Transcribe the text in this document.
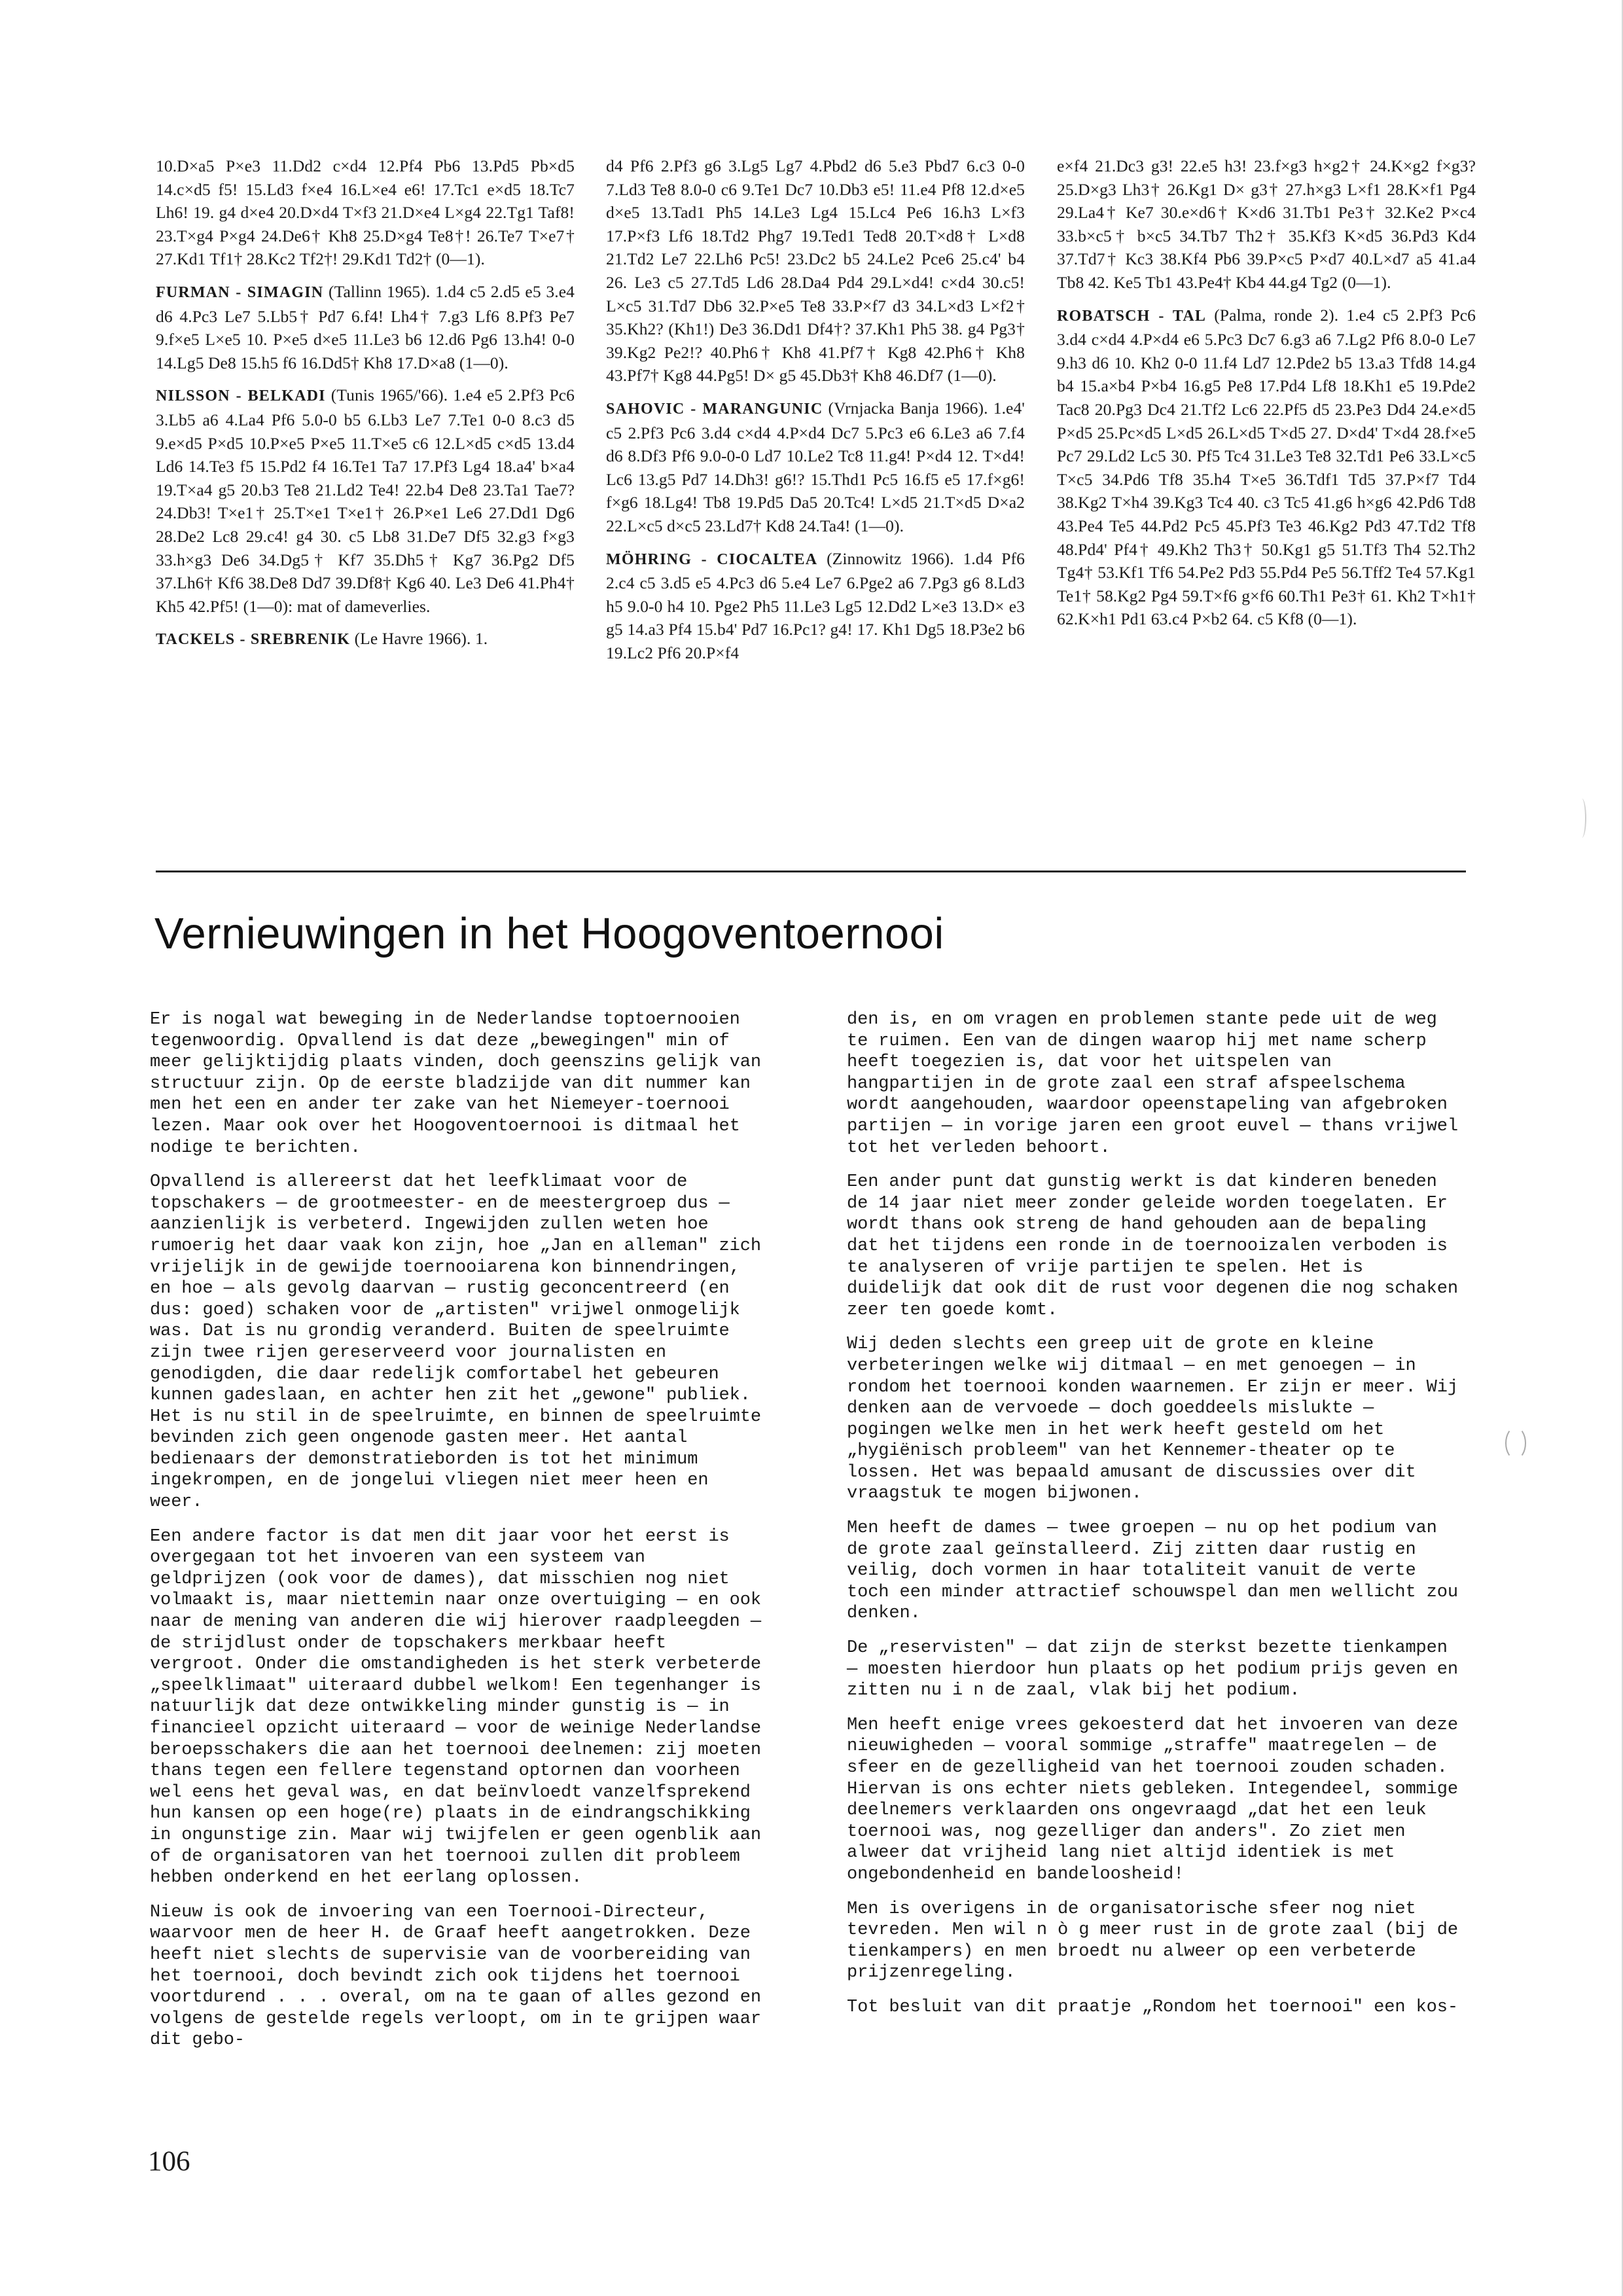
10.D×a5 P×e3 11.Dd2 c×d4 12.Pf4 Pb6 13.Pd5 Pb×d5 14.c×d5 f5! 15.Ld3 f×e4 16.L×e4 e6! 17.Tc1 e×d5 18.Tc7 Lh6! 19. g4 d×e4 20.D×d4 T×f3 21.D×e4 L×g4 22.Tg1 Taf8! 23.T×g4 P×g4 24.De6† Kh8 25.D×g4 Te8†! 26.Te7 T×e7† 27.Kd1 Tf1† 28.Kc2 Tf2†! 29.Kd1 Td2† (0—1).

FURMAN - SIMAGIN (Tallinn 1965). 1.d4 c5 2.d5 e5 3.e4 d6 4.Pc3 Le7 5.Lb5† Pd7 6.f4! Lh4† 7.g3 Lf6 8.Pf3 Pe7 9.f×e5 L×e5 10. P×e5 d×e5 11.Le3 b6 12.d6 Pg6 13.h4! 0-0 14.Lg5 De8 15.h5 f6 16.Dd5† Kh8 17.D×a8 (1—0).

NILSSON - BELKADI (Tunis 1965/'66). 1.e4 e5 2.Pf3 Pc6 3.Lb5 a6 4.La4 Pf6 5.0-0 b5 6.Lb3 Le7 7.Te1 0-0 8.c3 d5 9.e×d5 P×d5 10.P×e5 P×e5 11.T×e5 c6 12.L×d5 c×d5 13.d4 Ld6 14.Te3 f5 15.Pd2 f4 16.Te1 Ta7 17.Pf3 Lg4 18.a4' b×a4 19.T×a4 g5 20.b3 Te8 21.Ld2 Te4! 22.b4 De8 23.Ta1 Tae7? 24.Db3! T×e1† 25.T×e1 T×e1† 26.P×e1 Le6 27.Dd1 Dg6 28.De2 Lc8 29.c4! g4 30. c5 Lb8 31.De7 Df5 32.g3 f×g3 33.h×g3 De6 34.Dg5† Kf7 35.Dh5† Kg7 36.Pg2 Df5 37.Lh6† Kf6 38.De8 Dd7 39.Df8† Kg6 40. Le3 De6 41.Ph4† Kh5 42.Pf5! (1—0): mat of dameverlies.

TACKELS - SREBRENIK (Le Havre 1966). 1.

d4 Pf6 2.Pf3 g6 3.Lg5 Lg7 4.Pbd2 d6 5.e3 Pbd7 6.c3 0-0 7.Ld3 Te8 8.0-0 c6 9.Te1 Dc7 10.Db3 e5! 11.e4 Pf8 12.d×e5 d×e5 13.Tad1 Ph5 14.Le3 Lg4 15.Lc4 Pe6 16.h3 L×f3 17.P×f3 Lf6 18.Td2 Phg7 19.Ted1 Ted8 20.T×d8† L×d8 21.Td2 Le7 22.Lh6 Pc5! 23.Dc2 b5 24.Le2 Pce6 25.c4' b4 26. Le3 c5 27.Td5 Ld6 28.Da4 Pd4 29.L×d4! c×d4 30.c5! L×c5 31.Td7 Db6 32.P×e5 Te8 33.P×f7 d3 34.L×d3 L×f2† 35.Kh2? (Kh1!) De3 36.Dd1 Df4†? 37.Kh1 Ph5 38. g4 Pg3† 39.Kg2 Pe2!? 40.Ph6† Kh8 41.Pf7† Kg8 42.Ph6† Kh8 43.Pf7† Kg8 44.Pg5! D× g5 45.Db3† Kh8 46.Df7 (1—0).

SAHOVIC - MARANGUNIC (Vrnjacka Banja 1966). 1.e4' c5 2.Pf3 Pc6 3.d4 c×d4 4.P×d4 Dc7 5.Pc3 e6 6.Le3 a6 7.f4 d6 8.Df3 Pf6 9.0-0-0 Ld7 10.Le2 Tc8 11.g4! P×d4 12. T×d4! Lc6 13.g5 Pd7 14.Dh3! g6!? 15.Thd1 Pc5 16.f5 e5 17.f×g6! f×g6 18.Lg4! Tb8 19.Pd5 Da5 20.Tc4! L×d5 21.T×d5 D×a2 22.L×c5 d×c5 23.Ld7† Kd8 24.Ta4! (1—0).

MÖHRING - CIOCALTEA (Zinnowitz 1966). 1.d4 Pf6 2.c4 c5 3.d5 e5 4.Pc3 d6 5.e4 Le7 6.Pge2 a6 7.Pg3 g6 8.Ld3 h5 9.0-0 h4 10. Pge2 Ph5 11.Le3 Lg5 12.Dd2 L×e3 13.D× e3 g5 14.a3 Pf4 15.b4' Pd7 16.Pc1? g4! 17. Kh1 Dg5 18.P3e2 b6 19.Lc2 Pf6 20.P×f4

e×f4 21.Dc3 g3! 22.e5 h3! 23.f×g3 h×g2† 24.K×g2 f×g3? 25.D×g3 Lh3† 26.Kg1 D× g3† 27.h×g3 L×f1 28.K×f1 Pg4 29.La4† Ke7 30.e×d6† K×d6 31.Tb1 Pe3† 32.Ke2 P×c4 33.b×c5† b×c5 34.Tb7 Th2† 35.Kf3 K×d5 36.Pd3 Kd4 37.Td7† Kc3 38.Kf4 Pb6 39.P×c5 P×d7 40.L×d7 a5 41.a4 Tb8 42. Ke5 Tb1 43.Pe4† Kb4 44.g4 Tg2 (0—1).

ROBATSCH - TAL (Palma, ronde 2). 1.e4 c5 2.Pf3 Pc6 3.d4 c×d4 4.P×d4 e6 5.Pc3 Dc7 6.g3 a6 7.Lg2 Pf6 8.0-0 Le7 9.h3 d6 10. Kh2 0-0 11.f4 Ld7 12.Pde2 b5 13.a3 Tfd8 14.g4 b4 15.a×b4 P×b4 16.g5 Pe8 17.Pd4 Lf8 18.Kh1 e5 19.Pde2 Tac8 20.Pg3 Dc4 21.Tf2 Lc6 22.Pf5 d5 23.Pe3 Dd4 24.e×d5 P×d5 25.Pc×d5 L×d5 26.L×d5 T×d5 27. D×d4' T×d4 28.f×e5 Pc7 29.Ld2 Lc5 30. Pf5 Tc4 31.Le3 Te8 32.Td1 Pe6 33.L×c5 T×c5 34.Pd6 Tf8 35.h4 T×e5 36.Tdf1 Td5 37.P×f7 Td4 38.Kg2 T×h4 39.Kg3 Tc4 40. c3 Tc5 41.g6 h×g6 42.Pd6 Td8 43.Pe4 Te5 44.Pd2 Pc5 45.Pf3 Te3 46.Kg2 Pd3 47.Td2 Tf8 48.Pd4' Pf4† 49.Kh2 Th3† 50.Kg1 g5 51.Tf3 Th4 52.Th2 Tg4† 53.Kf1 Tf6 54.Pe2 Pd3 55.Pd4 Pe5 56.Tff2 Te4 57.Kg1 Te1† 58.Kg2 Pg4 59.T×f6 g×f6 60.Th1 Pe3† 61. Kh2 T×h1† 62.K×h1 Pd1 63.c4 P×b2 64. c5 Kf8 (0—1).

Vernieuwingen in het Hoogoventoernooi

Er is nogal wat beweging in de Nederlandse toptoernooien tegenwoordig. Opvallend is dat deze „bewegingen" min of meer gelijktijdig plaats vinden, doch geenszins gelijk van structuur zijn. Op de eerste bladzijde van dit nummer kan men het een en ander ter zake van het Niemeyer-toernooi lezen. Maar ook over het Hoogoventoernooi is ditmaal het nodige te berichten.

Opvallend is allereerst dat het leefklimaat voor de topschakers — de grootmeester- en de meestergroep dus — aanzienlijk is verbeterd. Ingewijden zullen weten hoe rumoerig het daar vaak kon zijn, hoe „Jan en alleman" zich vrijelijk in de gewijde toernooiarena kon binnendringen, en hoe — als gevolg daarvan — rustig geconcentreerd (en dus: goed) schaken voor de „artisten" vrijwel onmogelijk was. Dat is nu grondig veranderd. Buiten de speelruimte zijn twee rijen gereserveerd voor journalisten en genodigden, die daar redelijk comfortabel het gebeuren kunnen gadeslaan, en achter hen zit het „gewone" publiek. Het is nu stil in de speelruimte, en binnen de speelruimte bevinden zich geen ongenode gasten meer. Het aantal bedienaars der demonstratieborden is tot het minimum ingekrompen, en de jongelui vliegen niet meer heen en weer.

Een andere factor is dat men dit jaar voor het eerst is overgegaan tot het invoeren van een systeem van geldprijzen (ook voor de dames), dat misschien nog niet volmaakt is, maar niettemin naar onze overtuiging — en ook naar de mening van anderen die wij hierover raadpleegden — de strijdlust onder de topschakers merkbaar heeft vergroot. Onder die omstandigheden is het sterk verbeterde „speelklimaat" uiteraard dubbel welkom! Een tegenhanger is natuurlijk dat deze ontwikkeling minder gunstig is — in financieel opzicht uiteraard — voor de weinige Nederlandse beroepsschakers die aan het toernooi deelnemen: zij moeten thans tegen een fellere tegenstand optornen dan voorheen wel eens het geval was, en dat beïnvloedt vanzelfsprekend hun kansen op een hoge(re) plaats in de eindrangschikking in ongunstige zin. Maar wij twijfelen er geen ogenblik aan of de organisatoren van het toernooi zullen dit probleem hebben onderkend en het eerlang oplossen.

Nieuw is ook de invoering van een Toernooi-Directeur, waarvoor men de heer H. de Graaf heeft aangetrokken. Deze heeft niet slechts de supervisie van de voorbereiding van het toernooi, doch bevindt zich ook tijdens het toernooi voortdurend . . . overal, om na te gaan of alles gezond en volgens de gestelde regels verloopt, om in te grijpen waar dit gebo-

den is, en om vragen en problemen stante pede uit de weg te ruimen. Een van de dingen waarop hij met name scherp heeft toegezien is, dat voor het uitspelen van hangpartijen in de grote zaal een straf afspeelschema wordt aangehouden, waardoor opeenstapeling van afgebroken partijen — in vorige jaren een groot euvel — thans vrijwel tot het verleden behoort.

Een ander punt dat gunstig werkt is dat kinderen beneden de 14 jaar niet meer zonder geleide worden toegelaten. Er wordt thans ook streng de hand gehouden aan de bepaling dat het tijdens een ronde in de toernooizalen verboden is te analyseren of vrije partijen te spelen. Het is duidelijk dat ook dit de rust voor degenen die nog schaken zeer ten goede komt.

Wij deden slechts een greep uit de grote en kleine verbeteringen welke wij ditmaal — en met genoegen — in rondom het toernooi konden waarnemen. Er zijn er meer. Wij denken aan de vervoede — doch goeddeels mislukte — pogingen welke men in het werk heeft gesteld om het „hygiënisch probleem" van het Kennemer-theater op te lossen. Het was bepaald amusant de discussies over dit vraagstuk te mogen bijwonen.

Men heeft de dames — twee groepen — nu op het podium van de grote zaal geïnstalleerd. Zij zitten daar rustig en veilig, doch vormen in haar totaliteit vanuit de verte toch een minder attractief schouwspel dan men wellicht zou denken.

De „reservisten" — dat zijn de sterkst bezette tienkampen — moesten hierdoor hun plaats op het podium prijs geven en zitten nu i n de zaal, vlak bij het podium.

Men heeft enige vrees gekoesterd dat het invoeren van deze nieuwigheden — vooral sommige „straffe" maatregelen — de sfeer en de gezelligheid van het toernooi zouden schaden. Hiervan is ons echter niets gebleken. Integendeel, sommige deelnemers verklaarden ons ongevraagd „dat het een leuk toernooi was, nog gezelliger dan anders". Zo ziet men alweer dat vrijheid lang niet altijd identiek is met ongebondenheid en bandeloosheid!

Men is overigens in de organisatorische sfeer nog niet tevreden. Men wil n ò g meer rust in de grote zaal (bij de tienkampers) en men broedt nu alweer op een verbeterde prijzenregeling.

Tot besluit van dit praatje „Rondom het toernooi" een kos-

106
